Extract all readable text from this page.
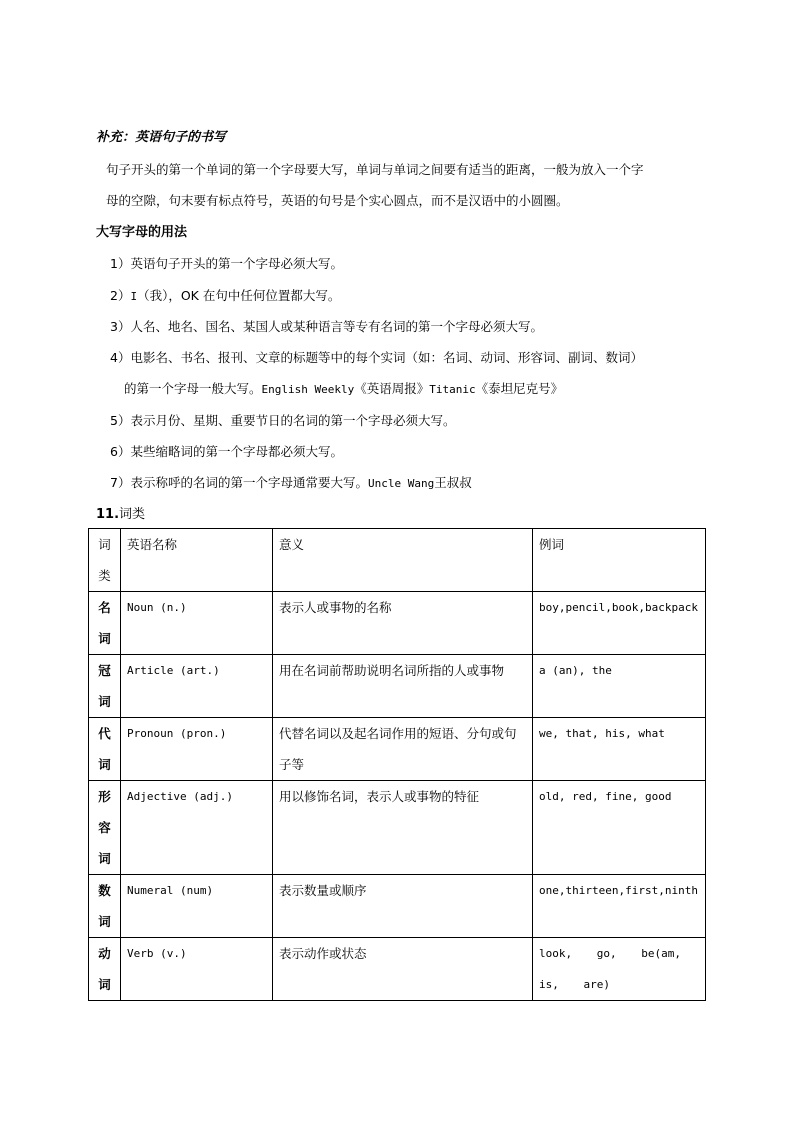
补充：英语句子的书写
句子开头的第一个单词的第一个字母要大写，单词与单词之间要有适当的距离，一般为放入一个字
母的空隙，句末要有标点符号，英语的句号是个实心圆点，而不是汉语中的小圆圈。
大写字母的用法
1）英语句子开头的第一个字母必须大写。
2）I（我），OK 在句中任何位置都大写。
3）人名、地名、国名、某国人或某种语言等专有名词的第一个字母必须大写。
4）电影名、书名、报刊、文章的标题等中的每个实词（如：名词、动词、形容词、副词、数词）
的第一个字母一般大写。English Weekly《英语周报》Titanic《泰坦尼克号》
5）表示月份、星期、重要节日的名词的第一个字母必须大写。
6）某些缩略词的第一个字母都必须大写。
7）表示称呼的名词的第一个字母通常要大写。Uncle Wang王叔叔
11.词类
词类	英语名称	意义	例词
名词	Noun (n.)	表示人或事物的名称	boy,pencil,book,backpack
冠词	Article (art.)	用在名词前帮助说明名词所指的人或事物	a (an), the
代词	Pronoun (pron.)	代替名词以及起名词作用的短语、分句或句子等	we, that, his, what
形容词	Adjective (adj.)	用以修饰名词，表示人或事物的特征	old, red, fine, good
数词	Numeral (num)	表示数量或顺序	one,thirteen,first,ninth
动词	Verb (v.)	表示动作或状态	look, go, be(am, is, are)
